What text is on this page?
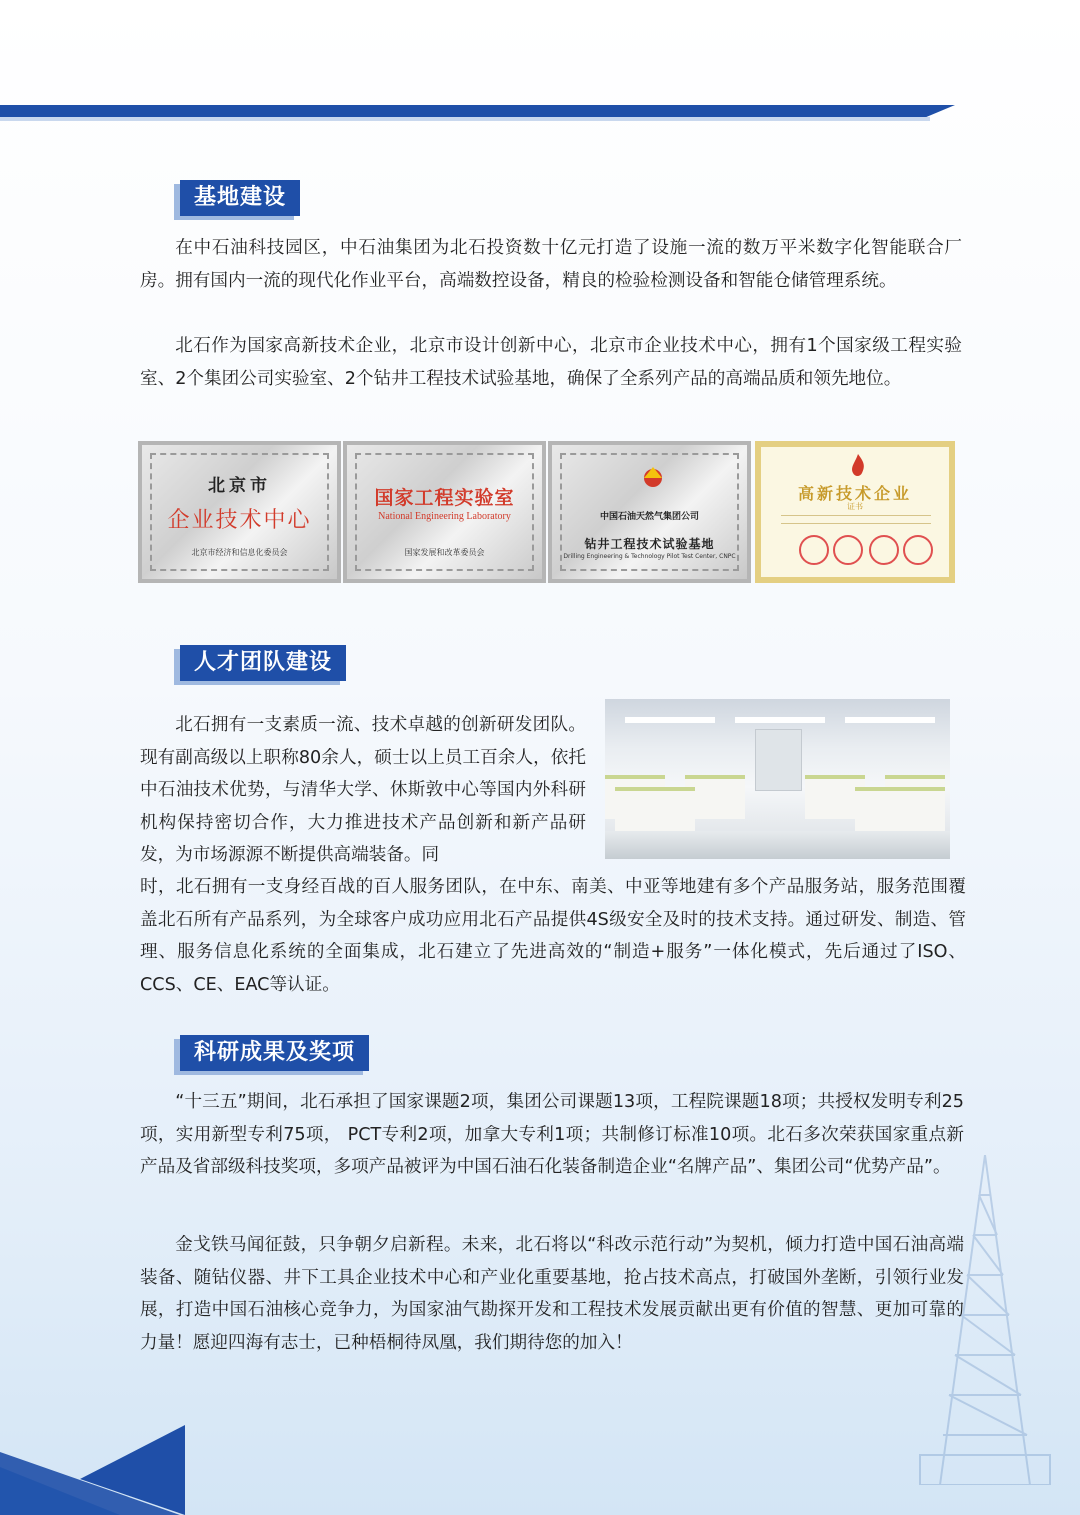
基地建设

在中石油科技园区，中石油集团为北石投资数十亿元打造了设施一流的数万平米数字化智能联合厂房。拥有国内一流的现代化作业平台，高端数控设备，精良的检验检测设备和智能仓储管理系统。

北石作为国家高新技术企业，北京市设计创新中心，北京市企业技术中心，拥有1个国家级工程实验室、2个集团公司实验室、2个钻井工程技术试验基地，确保了全系列产品的高端品质和领先地位。

北京市
企业技术中心
北京市经济和信息化委员会
国家工程实验室
National Engineering Laboratory
国家发展和改革委员会
中国石油天然气集团公司
钻井工程技术试验基地
Drilling Engineering & Technology Pilot Test Center, CNPC
高新技术企业
证书
人才团队建设

北石拥有一支素质一流、技术卓越的创新研发团队。现有副高级以上职称80余人，硕士以上员工百余人，依托中石油技术优势，与清华大学、休斯敦中心等国内外科研机构保持密切合作，大力推进技术产品创新和新产品研发，为市场源源不断提供高端装备。同

时，北石拥有一支身经百战的百人服务团队，在中东、南美、中亚等地建有多个产品服务站，服务范围覆盖北石所有产品系列，为全球客户成功应用北石产品提供4S级安全及时的技术支持。通过研发、制造、管理、服务信息化系统的全面集成，北石建立了先进高效的“制造+服务”一体化模式，先后通过了ISO、CCS、CE、EAC等认证。

科研成果及奖项

“十三五”期间，北石承担了国家课题2项，集团公司课题13项，工程院课题18项；共授权发明专利25项，实用新型专利75项， PCT专利2项，加拿大专利1项；共制修订标准10项。北石多次荣获国家重点新产品及省部级科技奖项，多项产品被评为中国石油石化装备制造企业“名牌产品”、集团公司“优势产品”。

金戈铁马闻征鼓，只争朝夕启新程。未来，北石将以“科改示范行动”为契机，倾力打造中国石油高端装备、随钻仪器、井下工具企业技术中心和产业化重要基地，抢占技术高点，打破国外垄断，引领行业发展，打造中国石油核心竞争力，为国家油气勘探开发和工程技术发展贡献出更有价值的智慧、更加可靠的力量！愿迎四海有志士，已种梧桐待凤凰，我们期待您的加入！
